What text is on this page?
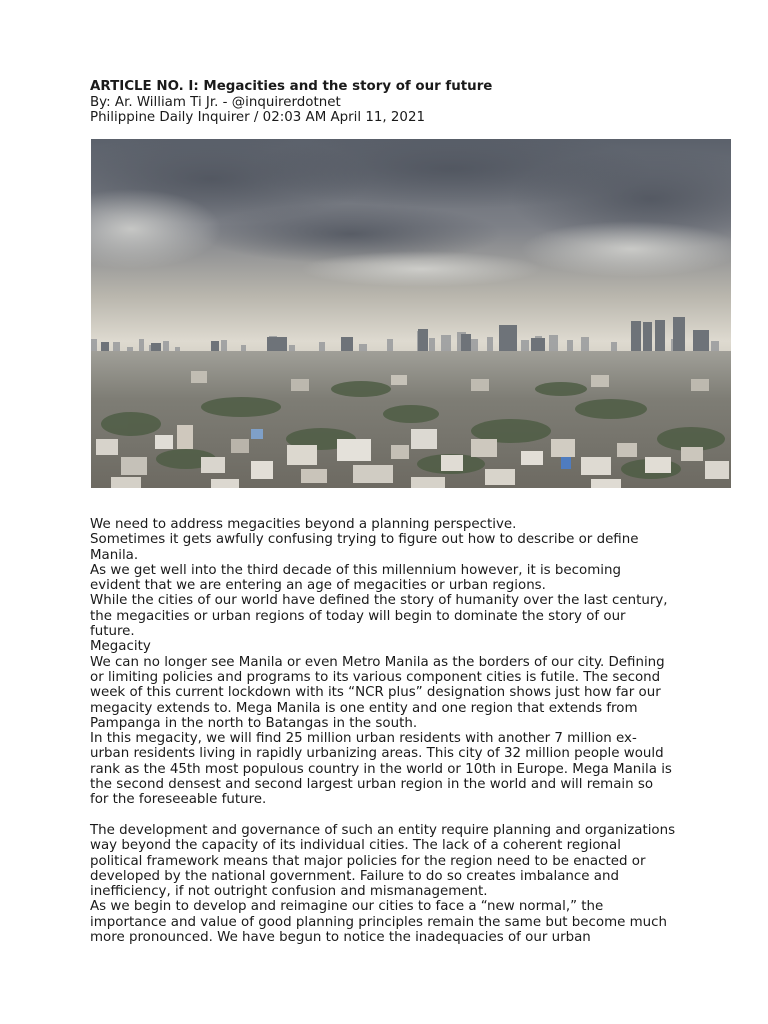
ARTICLE NO. I: Megacities and the story of our future
By: Ar. William Ti Jr. - @inquirerdotnet
Philippine Daily Inquirer / 02:03 AM April 11, 2021

We need to address megacities beyond a planning perspective.

Sometimes it gets awfully confusing trying to figure out how to describe or define
Manila.

As we get well into the third decade of this millennium however, it is becoming
evident that we are entering an age of megacities or urban regions.

While the cities of our world have defined the story of humanity over the last century,
the megacities or urban regions of today will begin to dominate the story of our
future.

Megacity

We can no longer see Manila or even Metro Manila as the borders of our city. Defining
or limiting policies and programs to its various component cities is futile. The second
week of this current lockdown with its “NCR plus” designation shows just how far our
megacity extends to. Mega Manila is one entity and one region that extends from
Pampanga in the north to Batangas in the south.

In this megacity, we will find 25 million urban residents with another 7 million ex-
urban residents living in rapidly urbanizing areas. This city of 32 million people would
rank as the 45th most populous country in the world or 10th in Europe. Mega Manila is
the second densest and second largest urban region in the world and will remain so
for the foreseeable future.

The development and governance of such an entity require planning and organizations
way beyond the capacity of its individual cities. The lack of a coherent regional
political framework means that major policies for the region need to be enacted or
developed by the national government. Failure to do so creates imbalance and
inefficiency, if not outright confusion and mismanagement.

As we begin to develop and reimagine our cities to face a “new normal,” the
importance and value of good planning principles remain the same but become much
more pronounced. We have begun to notice the inadequacies of our urban
